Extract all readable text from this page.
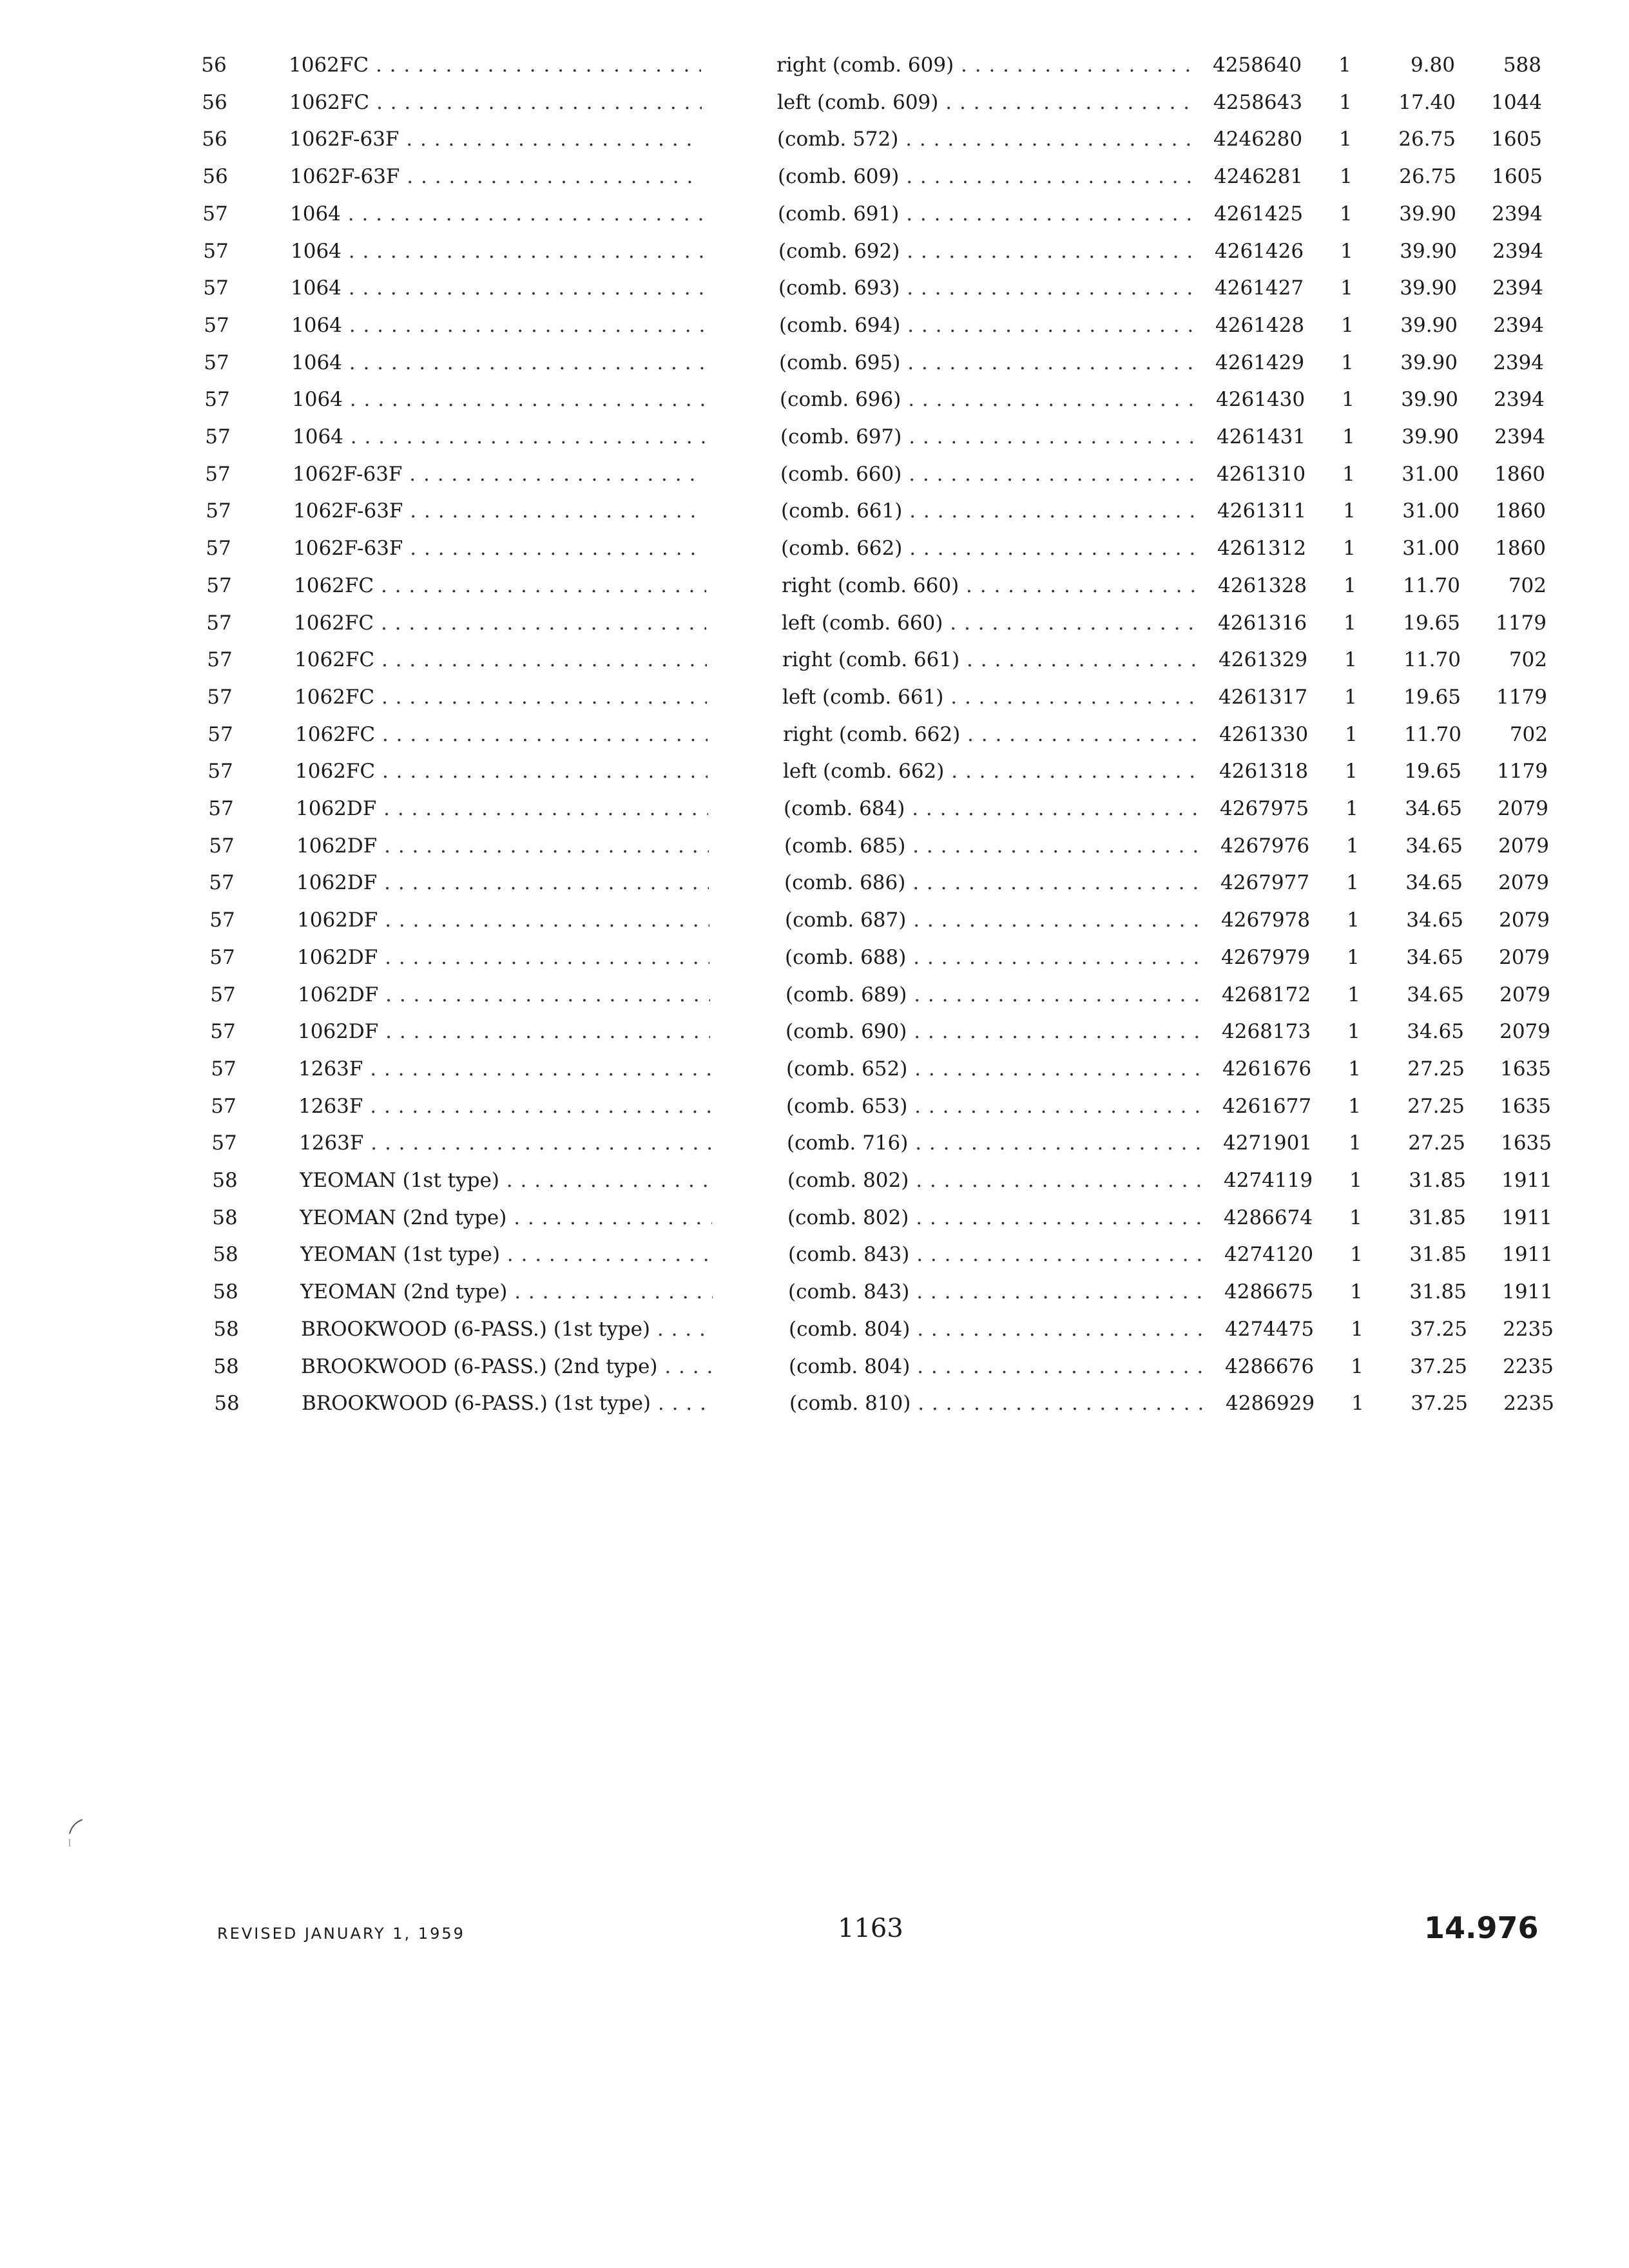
56	1062FC . . .	right (comb. 609) . . .	4258640	1	9.80	588
56	1062FC . . .	left (comb. 609) . . .	4258643	1	17.40	1044
56	1062F-63F . . .	(comb. 572) . . .	4246280	1	26.75	1605
56	1062F-63F . . .	(comb. 609) . . .	4246281	1	26.75	1605
57	1064 . . .	(comb. 691) . . .	4261425	1	39.90	2394
57	1064 . . .	(comb. 692) . . .	4261426	1	39.90	2394
57	1064 . . .	(comb. 693) . . .	4261427	1	39.90	2394
57	1064 . . .	(comb. 694) . . .	4261428	1	39.90	2394
57	1064 . . .	(comb. 695) . . .	4261429	1	39.90	2394
57	1064 . . .	(comb. 696) . . .	4261430	1	39.90	2394
57	1064 . . .	(comb. 697) . . .	4261431	1	39.90	2394
57	1062F-63F . . .	(comb. 660) . . .	4261310	1	31.00	1860
57	1062F-63F . . .	(comb. 661) . . .	4261311	1	31.00	1860
57	1062F-63F . . .	(comb. 662) . . .	4261312	1	31.00	1860
57	1062FC . . .	right (comb. 660) . . .	4261328	1	11.70	702
57	1062FC . . .	left (comb. 660) . . .	4261316	1	19.65	1179
57	1062FC . . .	right (comb. 661) . . .	4261329	1	11.70	702
57	1062FC . . .	left (comb. 661) . . .	4261317	1	19.65	1179
57	1062FC . . .	right (comb. 662) . . .	4261330	1	11.70	702
57	1062FC . . .	left (comb. 662) . . .	4261318	1	19.65	1179
57	1062DF . . .	(comb. 684) . . .	4267975	1	34.65	2079
57	1062DF . . .	(comb. 685) . . .	4267976	1	34.65	2079
57	1062DF . . .	(comb. 686) . . .	4267977	1	34.65	2079
57	1062DF . . .	(comb. 687) . . .	4267978	1	34.65	2079
57	1062DF . . .	(comb. 688) . . .	4267979	1	34.65	2079
57	1062DF . . .	(comb. 689) . . .	4268172	1	34.65	2079
57	1062DF . . .	(comb. 690) . . .	4268173	1	34.65	2079
57	1263F . . .	(comb. 652) . . .	4261676	1	27.25	1635
57	1263F . . .	(comb. 653) . . .	4261677	1	27.25	1635
57	1263F . . .	(comb. 716) . . .	4271901	1	27.25	1635
58	YEOMAN (1st type) . . .	(comb. 802) . . .	4274119	1	31.85	1911
58	YEOMAN (2nd type) . . .	(comb. 802) . . .	4286674	1	31.85	1911
58	YEOMAN (1st type) . . .	(comb. 843) . . .	4274120	1	31.85	1911
58	YEOMAN (2nd type) . . .	(comb. 843) . . .	4286675	1	31.85	1911
58	BROOKWOOD (6-PASS.) (1st type) . . .	(comb. 804) . . .	4274475	1	37.25	2235
58	BROOKWOOD (6-PASS.) (2nd type) . . .	(comb. 804) . . .	4286676	1	37.25	2235
58	BROOKWOOD (6-PASS.) (1st type) . . .	(comb. 810) . . .	4286929	1	37.25	2235
REVISED JANUARY 1, 1959	1163	14.976
